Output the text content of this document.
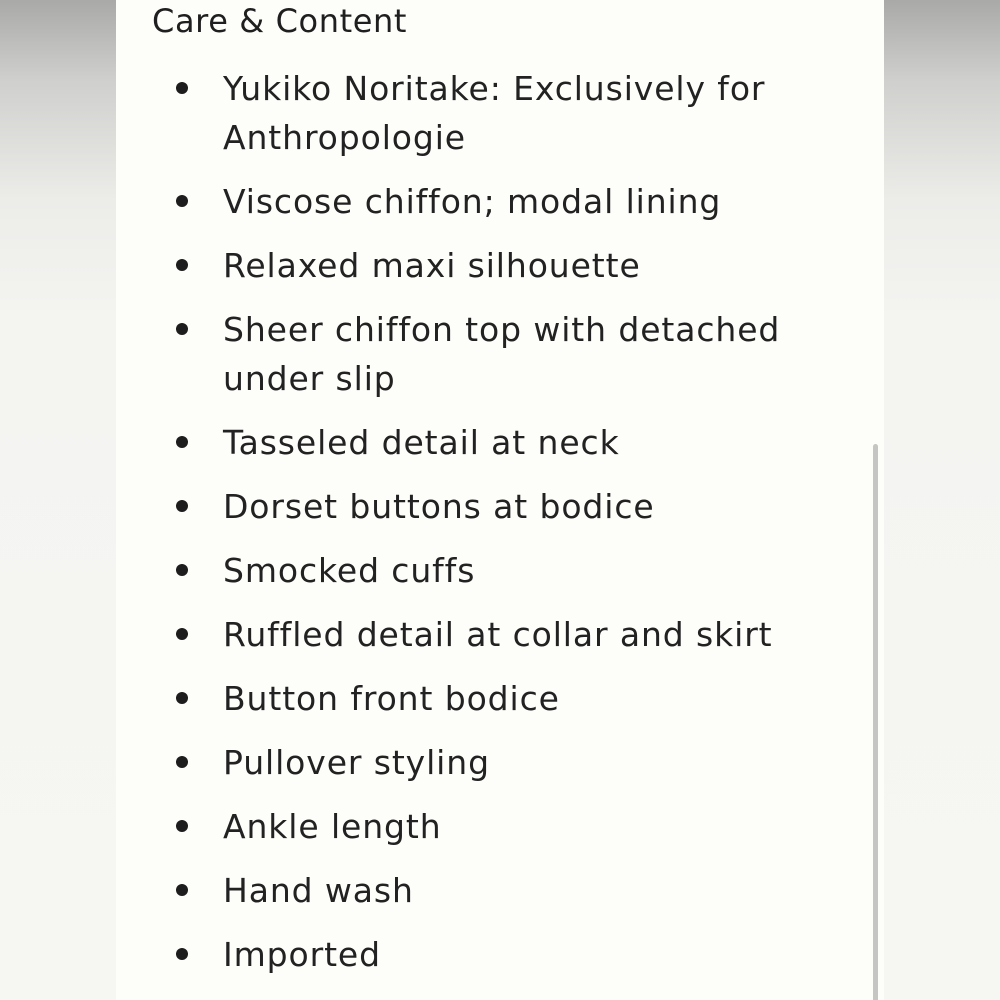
Care & Content
Yukiko Noritake: Exclusively for Anthropologie
Viscose chiffon; modal lining
Relaxed maxi silhouette
Sheer chiffon top with detached under slip
Tasseled detail at neck
Dorset buttons at bodice
Smocked cuffs
Ruffled detail at collar and skirt
Button front bodice
Pullover styling
Ankle length
Hand wash
Imported
